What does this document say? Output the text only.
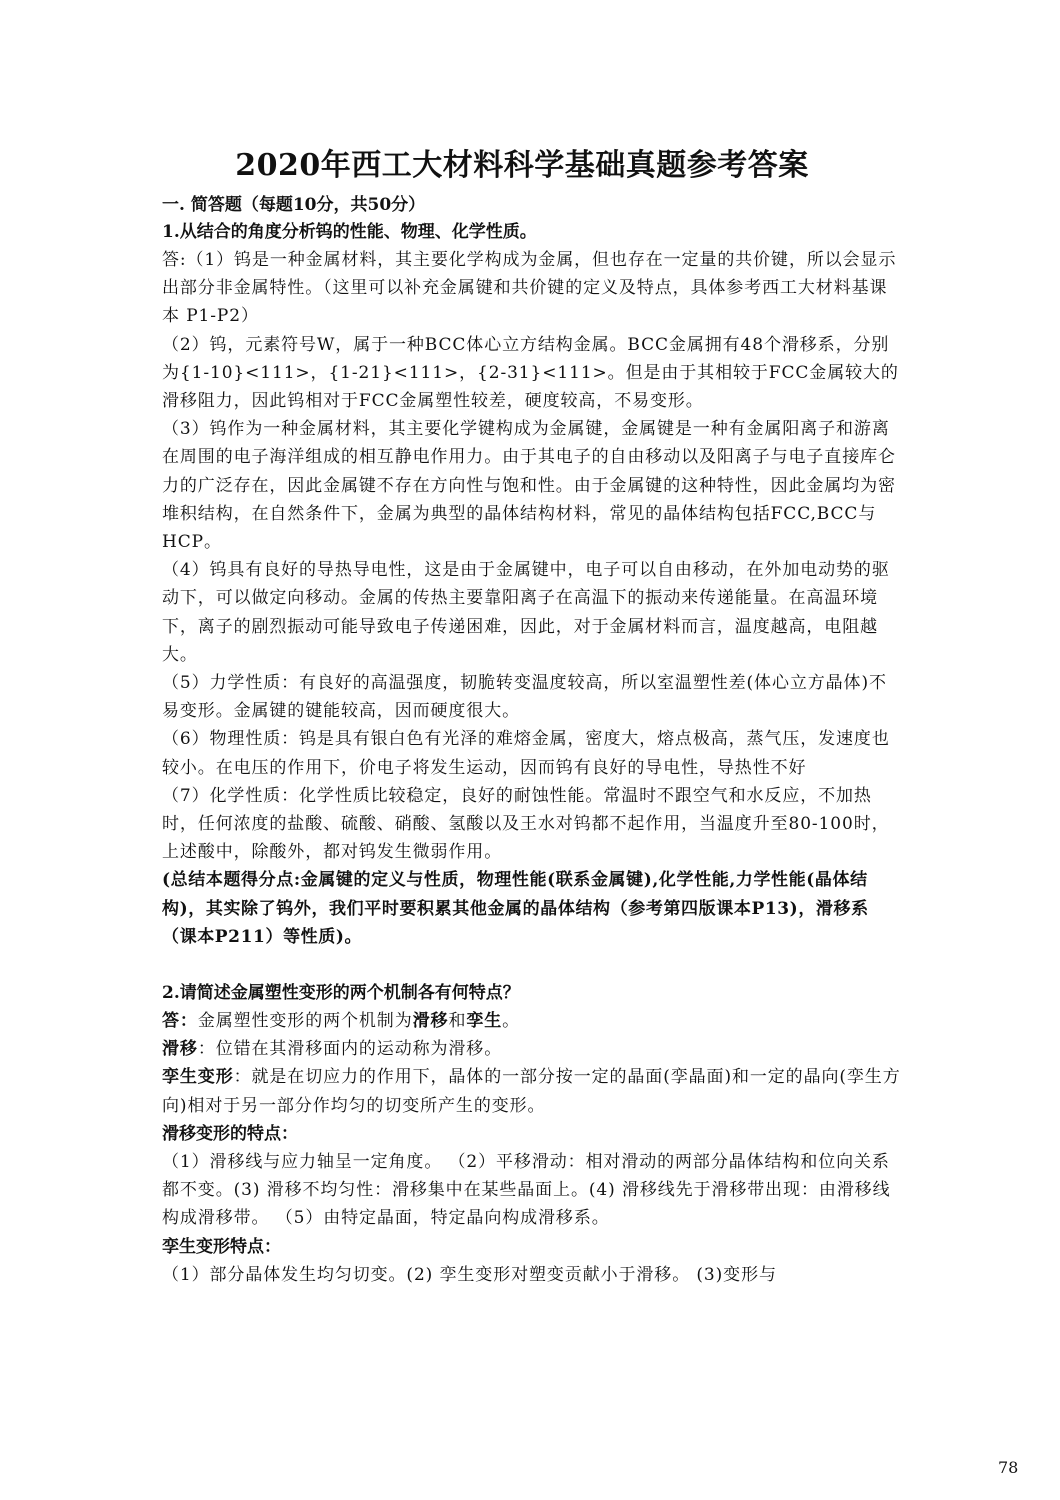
2020年西工大材料科学基础真题参考答案

一. 简答题（每题10分，共50分）

1.从结合的角度分析钨的性能、物理、化学性质。

答:（1）钨是一种金属材料，其主要化学构成为金属，但也存在一定量的共价键，所以会显示出部分非金属特性。（这里可以补充金属键和共价键的定义及特点，具体参考西工大材料基课本 P1-P2）

（2）钨，元素符号W，属于一种BCC体心立方结构金属。BCC金属拥有48个滑移系，分别为{1-10}<111>，{1-21}<111>，{2-31}<111>。但是由于其相较于FCC金属较大的滑移阻力，因此钨相对于FCC金属塑性较差，硬度较高，不易变形。

（3）钨作为一种金属材料，其主要化学键构成为金属键，金属键是一种有金属阳离子和游离在周围的电子海洋组成的相互静电作用力。由于其电子的自由移动以及阳离子与电子直接库仑力的广泛存在，因此金属键不存在方向性与饱和性。由于金属键的这种特性，因此金属均为密堆积结构，在自然条件下，金属为典型的晶体结构材料，常见的晶体结构包括FCC,BCC与HCP。

（4）钨具有良好的导热导电性，这是由于金属键中，电子可以自由移动，在外加电动势的驱动下，可以做定向移动。金属的传热主要靠阳离子在高温下的振动来传递能量。在高温环境下，离子的剧烈振动可能导致电子传递困难，因此，对于金属材料而言，温度越高，电阻越大。

（5）力学性质：有良好的高温强度，韧脆转变温度较高，所以室温塑性差(体心立方晶体)不易变形。金属键的键能较高，因而硬度很大。

（6）物理性质：钨是具有银白色有光泽的难熔金属，密度大，熔点极高，蒸气压，发速度也较小。在电压的作用下，价电子将发生运动，因而钨有良好的导电性，导热性不好

（7）化学性质：化学性质比较稳定，良好的耐蚀性能。常温时不跟空气和水反应，不加热时，任何浓度的盐酸、硫酸、硝酸、氢酸以及王水对钨都不起作用，当温度升至80-100时，上述酸中，除酸外，都对钨发生微弱作用。

(总结本题得分点:金属键的定义与性质，物理性能(联系金属键),化学性能,力学性能(晶体结构)，其实除了钨外，我们平时要积累其他金属的晶体结构（参考第四版课本P13)，滑移系（课本P211）等性质)。

2.请简述金属塑性变形的两个机制各有何特点？

答：金属塑性变形的两个机制为滑移和孪生。

滑移：位错在其滑移面内的运动称为滑移。

孪生变形：就是在切应力的作用下，晶体的一部分按一定的晶面(孪晶面)和一定的晶向(孪生方向)相对于另一部分作均匀的切变所产生的变形。

滑移变形的特点：

（1）滑移线与应力轴呈一定角度。 （2）平移滑动：相对滑动的两部分晶体结构和位向关系都不变。(3) 滑移不均匀性：滑移集中在某些晶面上。(4) 滑移线先于滑移带出现：由滑移线构成滑移带。 （5）由特定晶面，特定晶向构成滑移系。

孪生变形特点：

（1）部分晶体发生均匀切变。(2) 孪生变形对塑变贡献小于滑移。 (3)变形与

78
